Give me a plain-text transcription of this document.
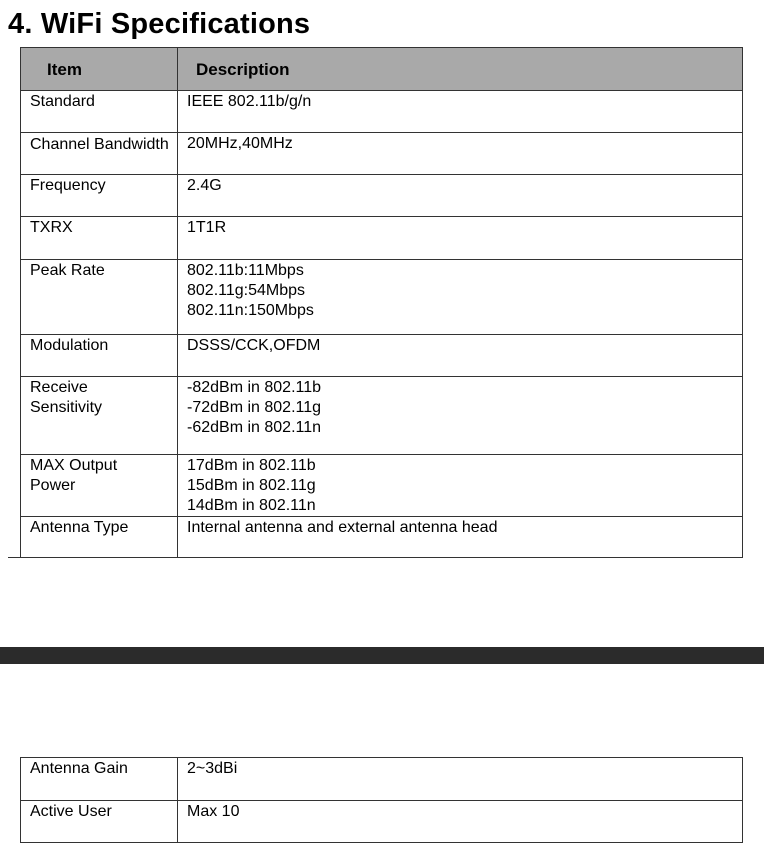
4. WiFi Specifications
Item	Description
Standard	IEEE 802.11b/g/n

Channel Bandwidth	20MHz,40MHz

Frequency	2.4G

TXRX	1T1R

Peak Rate	802.11b:11Mbps
802.11g:54Mbps
802.11n:150Mbps

Modulation	DSSS/CCK,OFDM

Receive Sensitivity	-82dBm in 802.11b
-72dBm in 802.11g
-62dBm in 802.11n

MAX Output Power	17dBm in 802.11b
15dBm in 802.11g
14dBm in 802.11n

Antenna Type	Internal antenna and external antenna head
Antenna Gain	2~3dBi

Active User	Max 10
